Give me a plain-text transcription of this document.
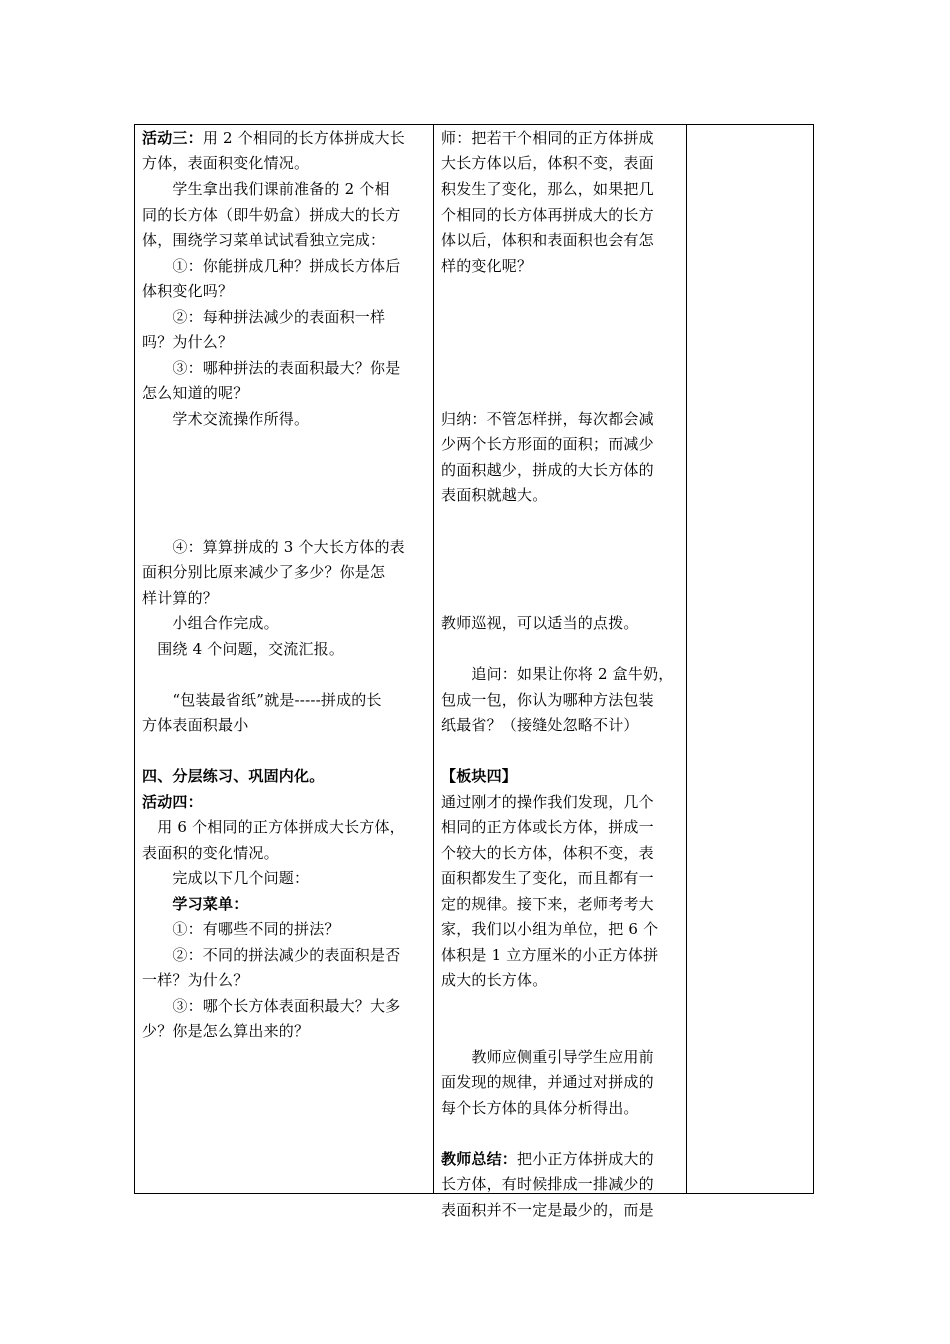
活动三：用 2 个相同的长方体拼成大长
方体，表面积变化情况。
　　学生拿出我们课前准备的 2 个相
同的长方体（即牛奶盒）拼成大的长方
体，围绕学习菜单试试看独立完成：
　　①：你能拼成几种？拼成长方体后
体积变化吗？
　　②：每种拼法减少的表面积一样
吗？为什么？
　　③：哪种拼法的表面积最大？你是
怎么知道的呢？
　　学术交流操作所得。
　　④：算算拼成的 3 个大长方体的表
面积分别比原来减少了多少？你是怎
样计算的？
　　小组合作完成。
　围绕 4 个问题，交流汇报。
　　“包装最省纸”就是-----拼成的长
方体表面积最小
四、分层练习、巩固内化。
活动四：
　用 6 个相同的正方体拼成大长方体，
表面积的变化情况。
　　完成以下几个问题：
　　学习菜单：
　　①：有哪些不同的拼法？
　　②：不同的拼法减少的表面积是否
一样？为什么？
　　③：哪个长方体表面积最大？大多
少？你是怎么算出来的？
师：把若干个相同的正方体拼成
大长方体以后，体积不变，表面
积发生了变化，那么，如果把几
个相同的长方体再拼成大的长方
体以后，体积和表面积也会有怎
样的变化呢？
归纳：不管怎样拼，每次都会减
少两个长方形面的面积；而减少
的面积越少，拼成的大长方体的
表面积就越大。
教师巡视，可以适当的点拨。
　　追问：如果让你将 2 盒牛奶，
包成一包，你认为哪种方法包装
纸最省？（接缝处忽略不计）
【板块四】
通过刚才的操作我们发现，几个
相同的正方体或长方体，拼成一
个较大的长方体，体积不变，表
面积都发生了变化，而且都有一
定的规律。接下来，老师考考大
家，我们以小组为单位，把 6 个
体积是 1 立方厘米的小正方体拼
成大的长方体。
　　教师应侧重引导学生应用前
面发现的规律，并通过对拼成的
每个长方体的具体分析得出。
教师总结：把小正方体拼成大的
长方体，有时候排成一排减少的
表面积并不一定是最少的，而是
